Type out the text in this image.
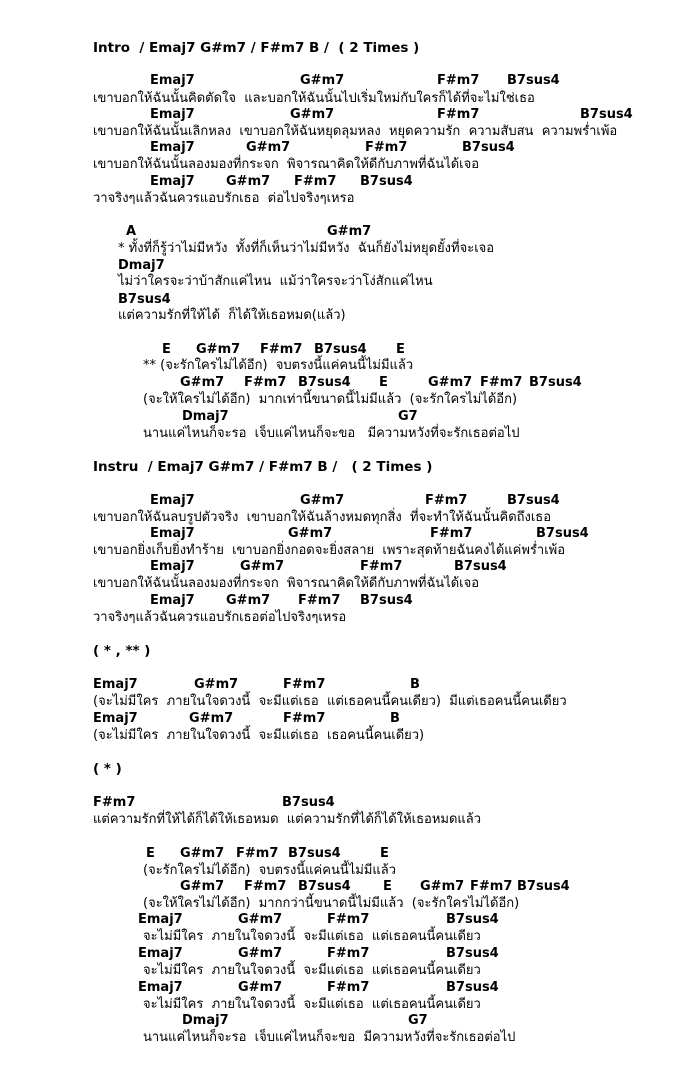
Intro  / Emaj7 G#m7 / F#m7 B /  ( 2 Times )
Emaj7	G#m7	F#m7 B7sus4
เขาบอกให้ฉันนั้นคิดตัดใจ  และบอกให้ฉันนั้นไปเริ่มใหม่กับใครก็ได้ที่จะไม่ใช่เธอ
Emaj7	G#m7	F#m7	B7sus4
เขาบอกให้ฉันนั้นเลิกหลง  เขาบอกให้ฉันหยุดลุมหลง  หยุดความรัก  ความสับสน  ความพร่ำเพ้อ
Emaj7	G#m7	F#m7	B7sus4
เขาบอกให้ฉันนั้นลองมองที่กระจก  พิจารณาคิดให้ดีกับภาพที่ฉันได้เจอ
Emaj7 G#m7 F#m7 B7sus4
วาจริงๆแล้วฉันควรแอบรักเธอ  ต่อไปจริงๆเหรอ
A	G#m7
* ทั้งที่ก็รู้ว่าไม่มีหวัง  ทั้งที่ก็เห็นว่าไม่มีหวัง  ฉันก็ยังไม่หยุดยั้งที่จะเจอ
Dmaj7
ไม่ว่าใครจะว่าบ้าสักแค่ไหน  แม้ว่าใครจะว่าโง่สักแค่ไหน
B7sus4
แต่ความรักที่ให้ได้  ก็ได้ให้เธอหมด(แล้ว)
E G#m7 F#m7 B7sus4 E
** (จะรักใครไม่ได้อีก)  จบตรงนี้แค่คนนี้ไม่มีแล้ว
G#m7 F#m7 B7sus4 E	G#m7 F#m7 B7sus4
(จะให้ใครไม่ได้อีก)  มากเท่านี้ขนาดนี้ไม่มีแล้ว  (จะรักใครไม่ได้อีก)
Dmaj7	G7
นานแค่ไหนก็จะรอ  เจ็บแค่ไหนก็จะขอ   มีความหวังที่จะรักเธอต่อไป
Instru  / Emaj7 G#m7 / F#m7 B /   ( 2 Times )
Emaj7	G#m7	F#m7	B7sus4
เขาบอกให้ฉันลบรูปตัวจริง  เขาบอกให้ฉันล้างหมดทุกสิ่ง  ที่จะทำให้ฉันนั้นคิดถึงเธอ
Emaj7	G#m7	F#m7	B7sus4
เขาบอกยิ่งเก็บยิ่งทำร้าย  เขาบอกยิ่งกอดจะยิ่งสลาย  เพราะสุดท้ายฉันคงได้แค่พร่ำเพ้อ
Emaj7	G#m7	F#m7	B7sus4
เขาบอกให้ฉันนั้นลองมองที่กระจก  พิจารณาคิดให้ดีกับภาพที่ฉันได้เจอ
Emaj7 G#m7 F#m7 B7sus4
วาจริงๆแล้วฉันควรแอบรักเธอต่อไปจริงๆเหรอ
( * , ** )
Emaj7	G#m7	F#m7	B
(จะไม่มีใคร  ภายในใจดวงนี้  จะมีแต่เธอ  แต่เธอคนนี้คนเดียว)  มีแต่เธอคนนี้คนเดียว
Emaj7	G#m7	F#m7	B
(จะไม่มีใคร  ภายในใจดวงนี้  จะมีแต่เธอ  เธอคนนี้คนเดียว)
( * )
F#m7	B7sus4
แต่ความรักที่ให้ได้ก็ได้ให้เธอหมด  แต่ความรักที่ได้ก็ได้ให้เธอหมดแล้ว
E G#m7 F#m7 B7sus4	E
(จะรักใครไม่ได้อีก)  จบตรงนี้แค่คนนี้ไม่มีแล้ว
G#m7 F#m7 B7sus4 E G#m7 F#m7 B7sus4
(จะให้ใครไม่ได้อีก)  มากกว่านี้ขนาดนี้ไม่มีแล้ว  (จะรักใครไม่ได้อีก)
Emaj7	G#m7	F#m7	B7sus4
จะไม่มีใคร  ภายในใจดวงนี้  จะมีแต่เธอ  แต่เธอคนนี้คนเดียว
Emaj7	G#m7	F#m7	B7sus4
จะไม่มีใคร  ภายในใจดวงนี้  จะมีแต่เธอ  แต่เธอคนนี้คนเดียว
Emaj7	G#m7	F#m7	B7sus4
จะไม่มีใคร  ภายในใจดวงนี้  จะมีแต่เธอ  แต่เธอคนนี้คนเดียว
Dmaj7	G7
นานแค่ไหนก็จะรอ  เจ็บแค่ไหนก็จะขอ  มีความหวังที่จะรักเธอต่อไป
